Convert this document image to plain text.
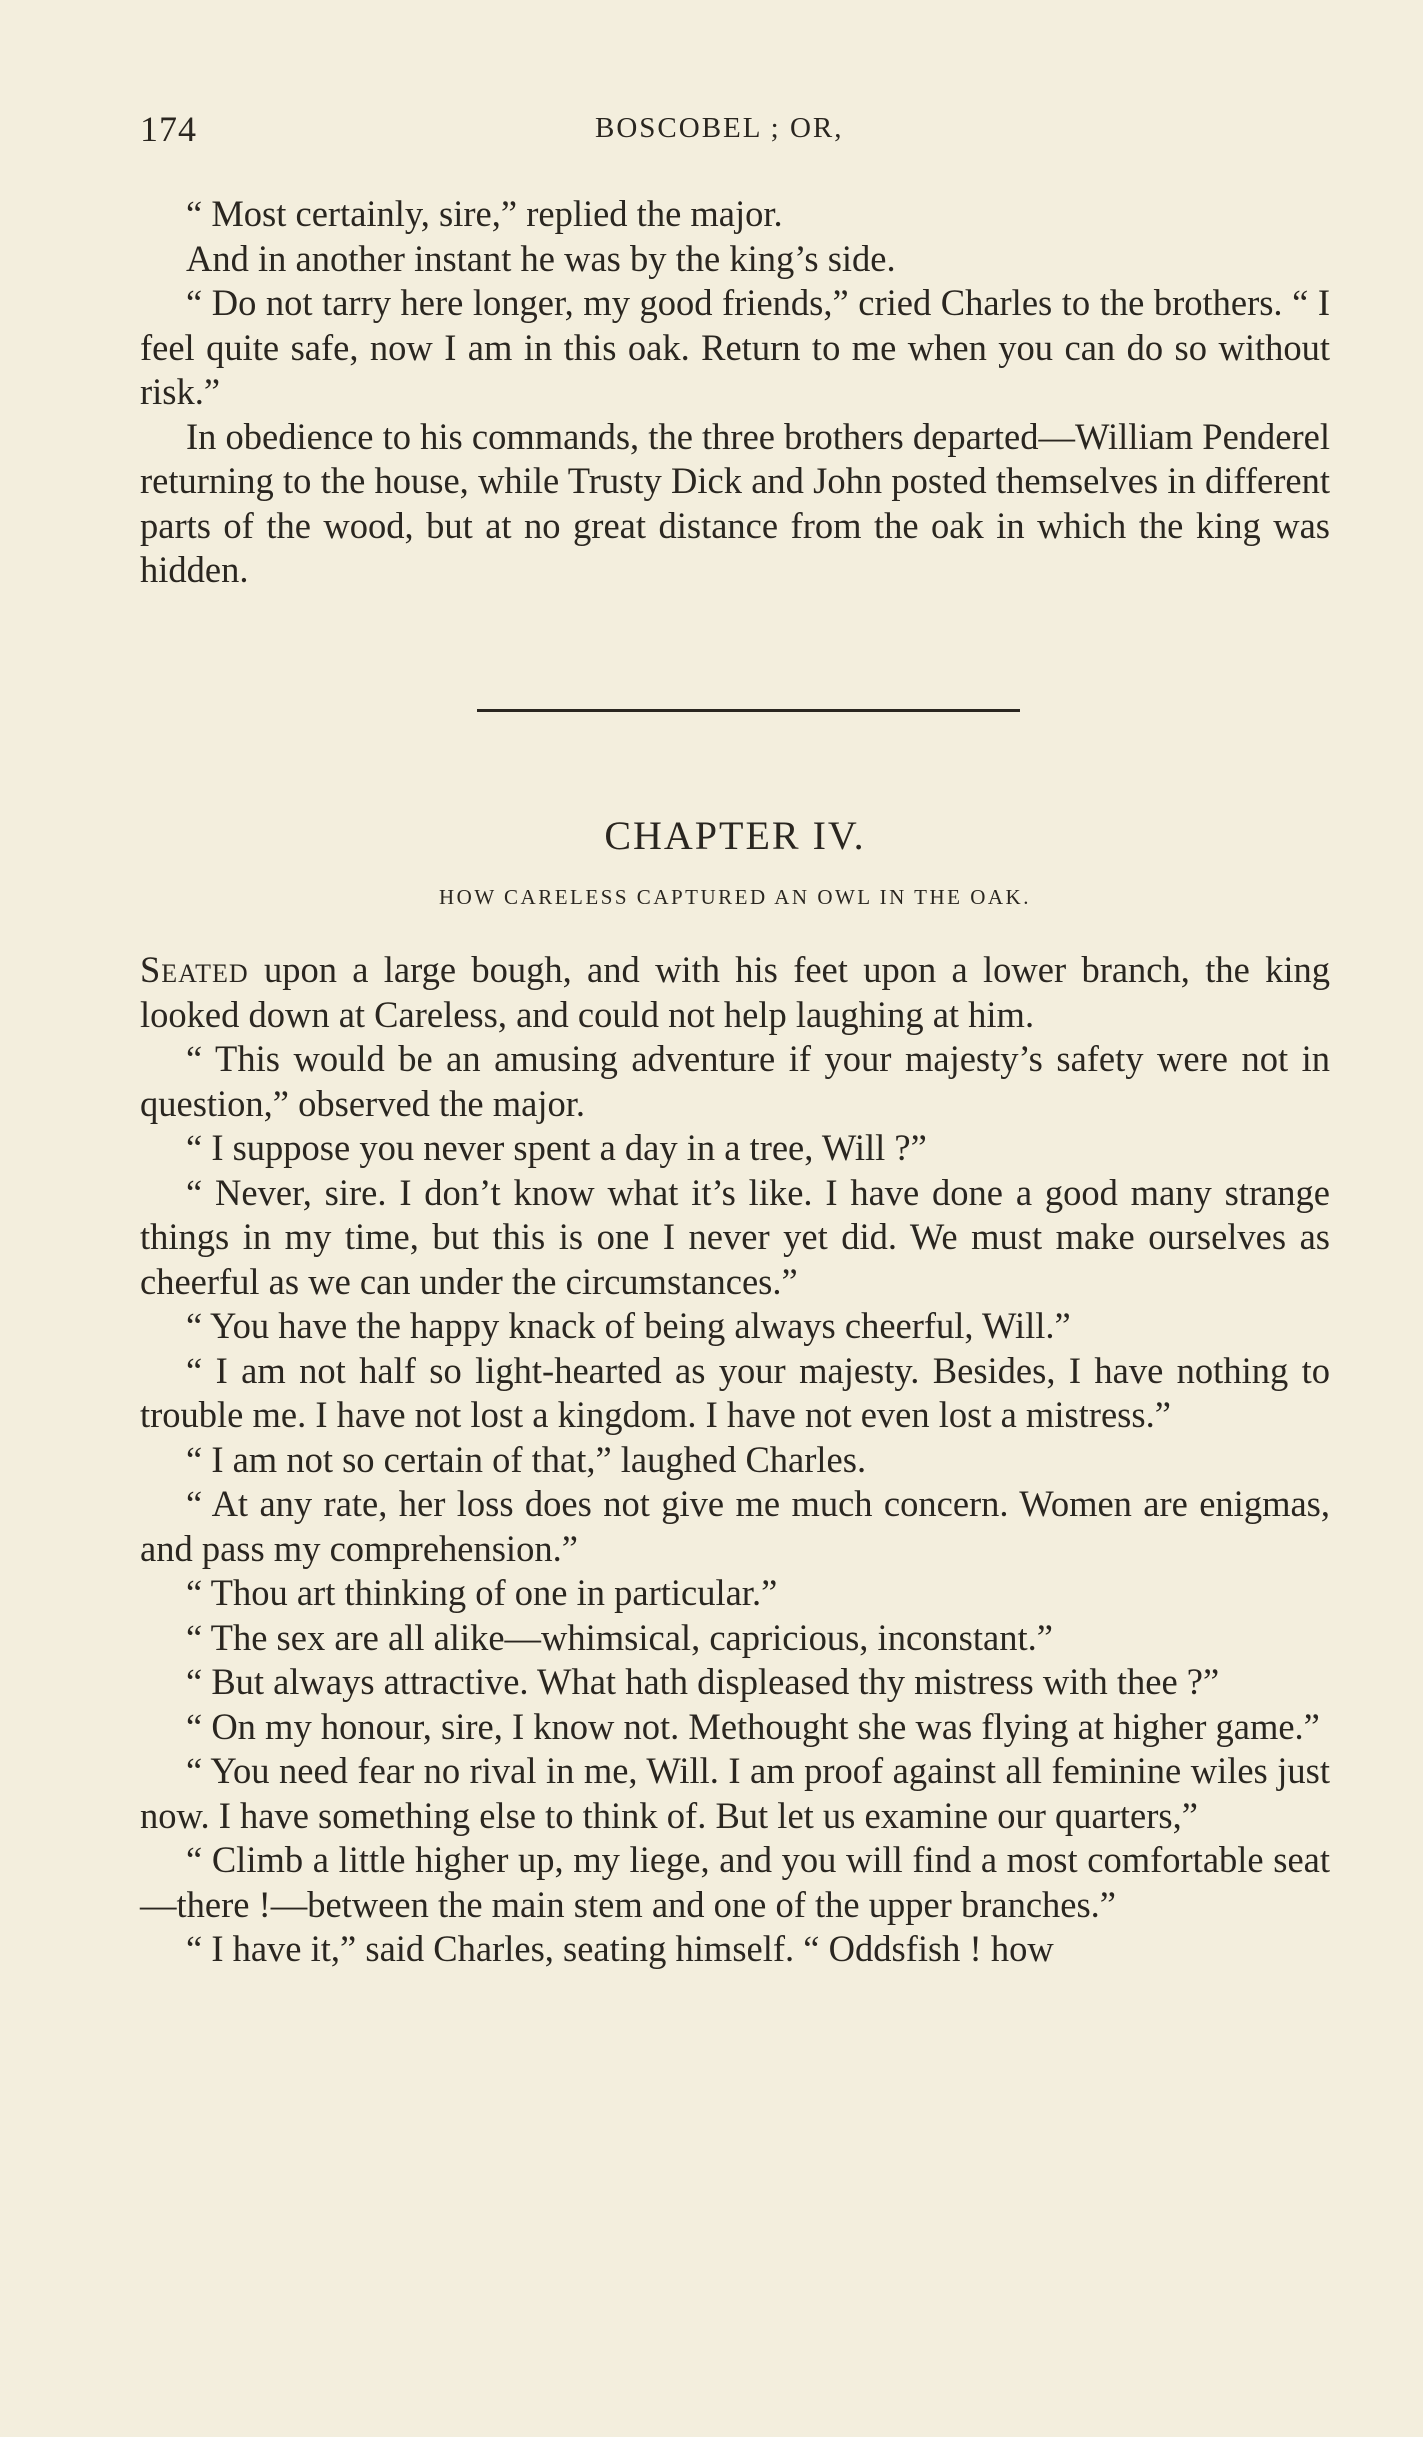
174	BOSCOBEL ; OR,

“ Most certainly, sire,” replied the major.

And in another instant he was by the king’s side.

“ Do not tarry here longer, my good friends,” cried Charles to the brothers. “ I feel quite safe, now I am in this oak. Return to me when you can do so without risk.”

In obedience to his commands, the three brothers departed—William Penderel returning to the house, while Trusty Dick and John posted themselves in different parts of the wood, but at no great distance from the oak in which the king was hidden.

CHAPTER IV.
HOW CARELESS CAPTURED AN OWL IN THE OAK.

Seated upon a large bough, and with his feet upon a lower branch, the king looked down at Careless, and could not help laughing at him.

“ This would be an amusing adventure if your majesty’s safety were not in question,” observed the major.

“ I suppose you never spent a day in a tree, Will ?”

“ Never, sire. I don’t know what it’s like. I have done a good many strange things in my time, but this is one I never yet did. We must make ourselves as cheerful as we can under the circumstances.”

“ You have the happy knack of being always cheerful, Will.”

“ I am not half so light-hearted as your majesty. Besides, I have nothing to trouble me. I have not lost a kingdom. I have not even lost a mistress.”

“ I am not so certain of that,” laughed Charles.

“ At any rate, her loss does not give me much concern. Women are enigmas, and pass my comprehension.”

“ Thou art thinking of one in particular.”

“ The sex are all alike—whimsical, capricious, inconstant.”

“ But always attractive. What hath displeased thy mistress with thee ?”

“ On my honour, sire, I know not. Methought she was flying at higher game.”

“ You need fear no rival in me, Will. I am proof against all feminine wiles just now. I have something else to think of. But let us examine our quarters,”

“ Climb a little higher up, my liege, and you will find a most comfortable seat—there !—between the main stem and one of the upper branches.”

“ I have it,” said Charles, seating himself. “ Oddsfish ! how
